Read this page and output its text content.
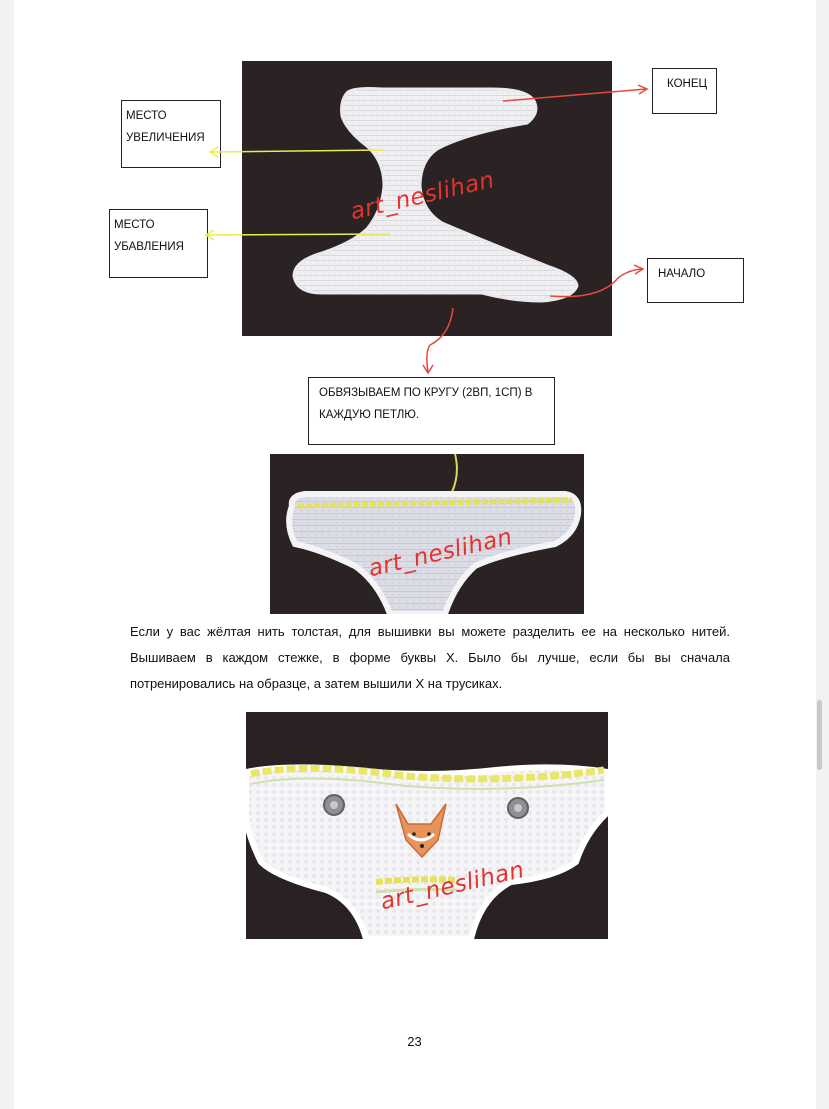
art_neslihan
art_neslihan
art_neslihan
МЕСТО УВЕЛИЧЕНИЯ
МЕСТО УБАВЛЕНИЯ
КОНЕЦ
НАЧАЛО
ОБВЯЗЫВАЕМ ПО КРУГУ (2ВП, 1СП) В КАЖДУЮ ПЕТЛЮ.
Если у вас жёлтая нить толстая, для вышивки вы можете разделить ее на несколько нитей. Вышиваем в каждом стежке, в форме буквы Х. Было бы лучше, если бы вы сначала потренировались на образце, а затем вышили Х на трусиках.
23
